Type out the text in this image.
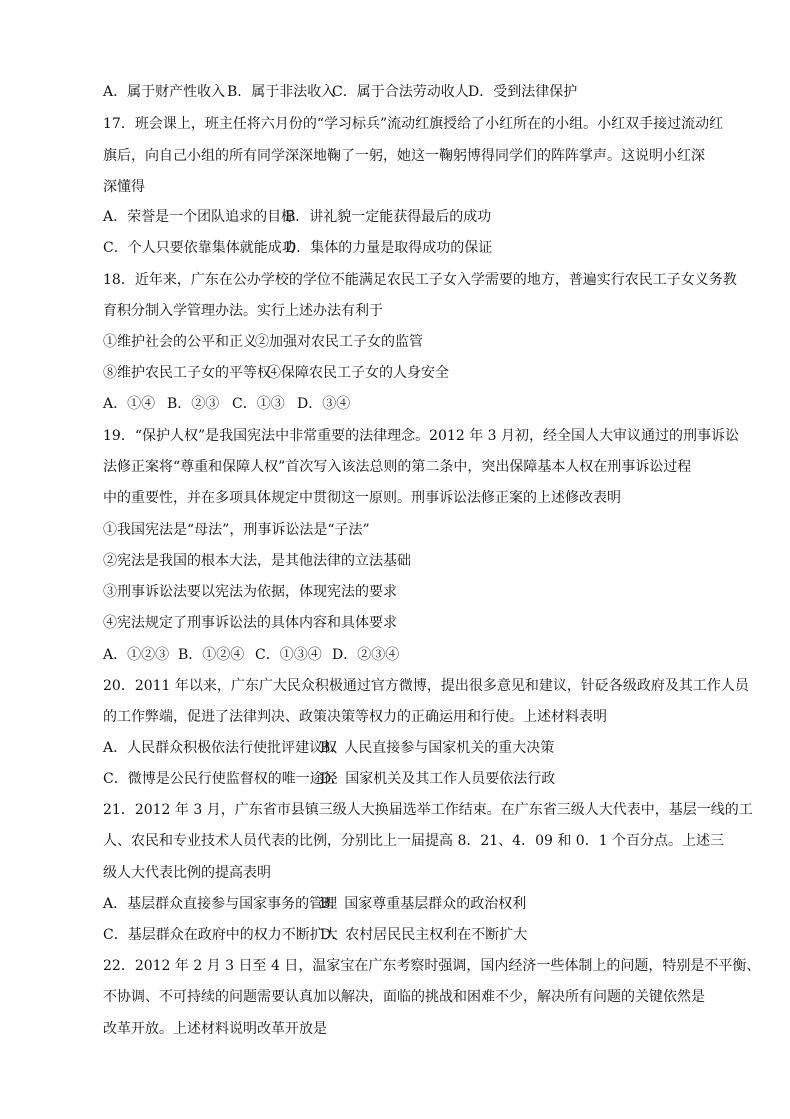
A．属于财产性收入 B．属于非法收入
C．属于合法劳动收人 D．受到法律保护
17．班会课上，班主任将六月份的“学习标兵”流动红旗授给了小红所在的小组。小红双手接过流动红
旗后，向自己小组的所有同学深深地鞠了一躬，她这一鞠躬博得同学们的阵阵掌声。这说明小红深
深懂得
A．荣誉是一个团队追求的目标
B．讲礼貌一定能获得最后的成功
C．个人只要依靠集体就能成功
D．集体的力量是取得成功的保证
18．近年来，广东在公办学校的学位不能满足农民工子女入学需要的地方，普遍实行农民工子女义务教
育积分制入学管理办法。实行上述办法有利于
①维护社会的公平和正义
②加强对农民工子女的监管
⑧维护农民工子女的平等权
④保障农民工子女的人身安全
A．①④ B．②③ C．①③ D．③④
19．“保护人权”是我国宪法中非常重要的法律理念。2012 年 3 月初，经全国人大审议通过的刑事诉讼
法修正案将“尊重和保障人权”首次写入该法总则的第二条中，突出保障基本人权在刑事诉讼过程
中的重要性，并在多项具体规定中贯彻这一原则。刑事诉讼法修正案的上述修改表明
①我国宪法是“母法”，刑事诉讼法是“子法”
②宪法是我国的根本大法，是其他法律的立法基础
③刑事诉讼法要以宪法为依据，体现宪法的要求
④宪法规定了刑事诉讼法的具体内容和具体要求
A．①②③ B．①②④ C．①③④ D．②③④
20．2011 年以来，广东广大民众积极通过官方微博，提出很多意见和建议，针砭各级政府及其工作人员
的工作弊端，促进了法律判决、政策决策等权力的正确运用和行使。上述材料表明
A．人民群众积极依法行使批评建议权
B．人民直接参与国家机关的重大决策
C．微博是公民行使监督权的唯一途径
D．国家机关及其工作人员要依法行政
21．2012 年 3 月，广东省市县镇三级人大换届选举工作结束。在广东省三级人大代表中，基层一线的工
人、农民和专业技术人员代表的比例，分别比上一届提高 8．21、4．09 和 0．1 个百分点。上述三
级人大代表比例的提高表明
A．基层群众直接参与国家事务的管理
B．国家尊重基层群众的政治权利
C．基层群众在政府中的权力不断扩大
D．农村居民民主权利在不断扩大
22．2012 年 2 月 3 日至 4 日，温家宝在广东考察时强调，国内经济一些体制上的问题，特别是不平衡、
不协调、不可持续的问题需要认真加以解决，面临的挑战和困难不少，解决所有问题的关键依然是
改革开放。上述材料说明改革开放是
